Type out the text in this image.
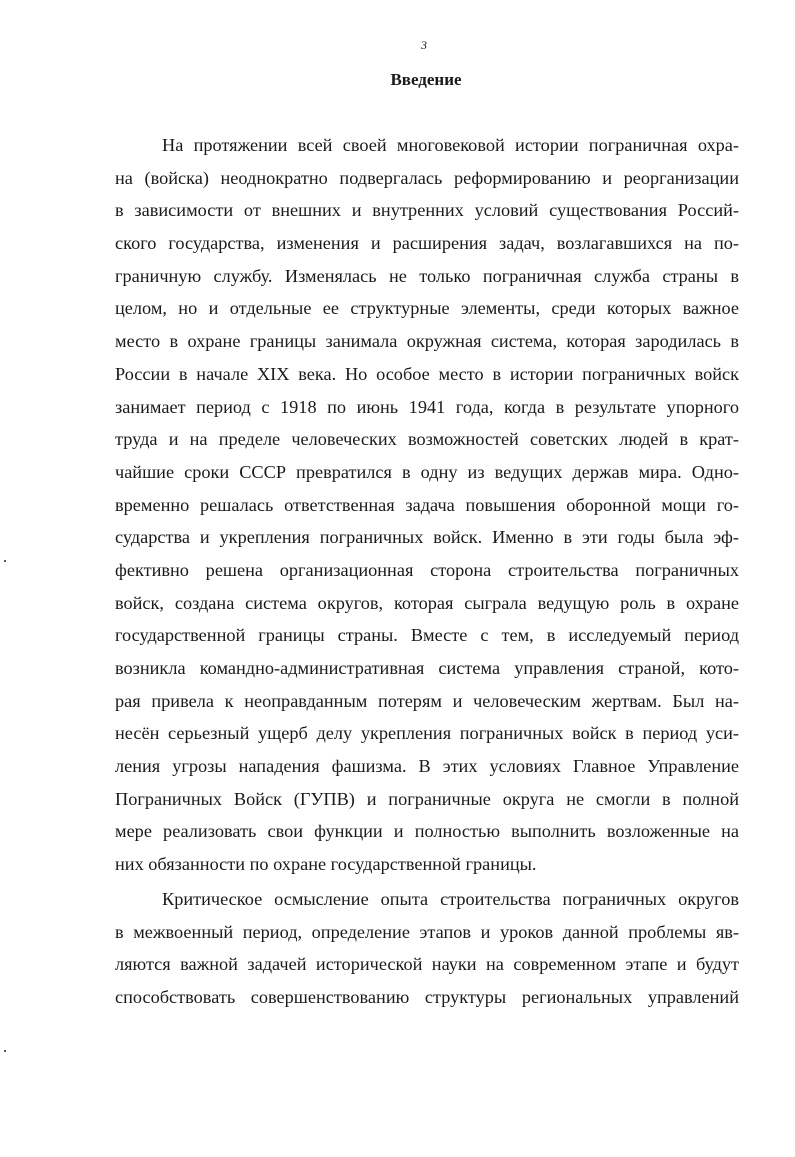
3
Введение
На протяжении всей своей многовековой истории пограничная охра-
на (войска) неоднократно подвергалась реформированию и реорганизации
в зависимости от внешних и внутренних условий существования Россий-
ского государства, изменения и расширения задач, возлагавшихся на по-
граничную службу. Изменялась не только пограничная служба страны в
целом, но и отдельные ее структурные элементы, среди которых важное
место в охране границы занимала окружная система, которая зародилась в
России в начале XIX века. Но особое место в истории пограничных войск
занимает период с 1918 по июнь 1941 года, когда в результате упорного
труда и на пределе человеческих возможностей советских людей в крат-
чайшие сроки СССР превратился в одну из ведущих держав мира. Одно-
временно решалась ответственная задача повышения оборонной мощи го-
сударства и укрепления пограничных войск. Именно в эти годы была эф-
фективно решена организационная сторона строительства пограничных
войск, создана система округов, которая сыграла ведущую роль в охране
государственной границы страны. Вместе с тем, в исследуемый период
возникла командно-административная система управления страной, кото-
рая привела к неоправданным потерям и человеческим жертвам. Был на-
несён серьезный ущерб делу укрепления пограничных войск в период уси-
ления угрозы нападения фашизма. В этих условиях Главное Управление
Пограничных Войск (ГУПВ) и пограничные округа не смогли в полной
мере реализовать свои функции и полностью выполнить возложенные на
них обязанности по охране государственной границы.
Критическое осмысление опыта строительства пограничных округов
в межвоенный период, определение этапов и уроков данной проблемы яв-
ляются важной задачей исторической науки на современном этапе и будут
способствовать совершенствованию структуры региональных управлений
